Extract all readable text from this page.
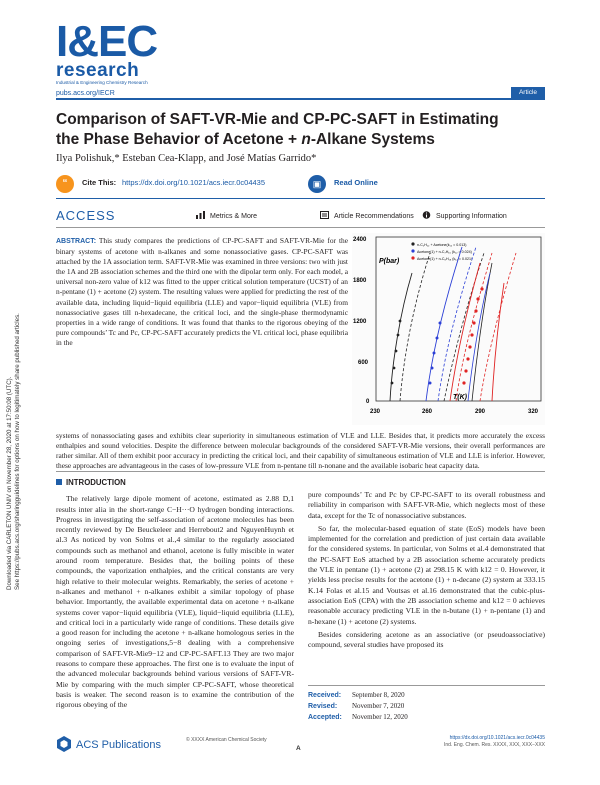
Downloaded via CARLETON UNIV on November 28, 2020 at 17:50:08 (UTC). See https://pubs.acs.org/sharingguidelines for options on how to legitimately share published articles.
I&EC
research
Industrial & Engineering Chemistry Research
pubs.acs.org/IECR	Article
Comparison of SAFT-VR-Mie and CP-PC-SAFT in Estimating the Phase Behavior of Acetone + n-Alkane Systems
Ilya Polishuk,* Esteban Cea-Klapp, and José Matías Garrido*
“	Cite This: https://dx.doi.org/10.1021/acs.iecr.0c04435	▣	Read Online
ACCESS	Metrics & More	Article Recommendations	Supporting Information
ABSTRACT: This study compares the predictions of CP-PC-SAFT and SAFT-VR-Mie for the binary systems of acetone with n-alkanes and some nonassociative gases. CP-PC-SAFT was attached by the 1A association term. SAFT-VR-Mie was examined in three versions: two with just the 1A and 2B association schemes and the third one with the dipolar term only. For each model, a universal non-zero value of k12 was fitted to the upper critical solution temperature (UCST) of an n-pentane (1) + acetone (2) system. The resulting values were applied for predicting the rest of the available data, including liquid−liquid equilibria (LLE) and vapor−liquid equilibria (VLE) from nonassociative gases till n-hexadecane, the critical loci, and the single-phase thermodynamic properties in a wide range of conditions. It was found that thanks to the rigorous obeying of the pure compounds’ Tc and Pc, CP-PC-SAFT accurately predicts the VL critical loci, phase equilibria in the
2400
1800
1200
600
0
P(bar)
230	260	290	320
T(K)
n-C₅H₁₂ + Acetone(k₁₂ = 0.013)
Acetone(1) + n-C₇H₁₆ (k₁₂ = 0.024)
Acetone(1) + n-C₈H₁₈ (k₁₂ = 0.021)
systems of nonassociating gases and exhibits clear superiority in simultaneous estimation of VLE and LLE. Besides that, it predicts more accurately the excess enthalpies and sound velocities. Despite the difference between molecular backgrounds of the considered SAFT-VR-Mie versions, their overall performances are rather similar. All of them exhibit poor accuracy in predicting the critical loci, and their capability of simultaneous estimation of VLE and LLE is inferior. However, these approaches are advantageous in the cases of low-pressure VLE from n-pentane till n-nonane and the available isobaric heat capacity data.
INTRODUCTION

The relatively large dipole moment of acetone, estimated as 2.88 D,1 results inter alia in the short-range C−H···O hydrogen bonding interactions. Progress in investigating the self-association of acetone molecules has been recently reviewed by De Beuckeleer and Herrebout2 and NguyenHuynh et al.3 As noticed by von Solms et al.,4 similar to the regularly associated compounds such as methanol and ethanol, acetone is fully miscible in water around room temperature. Besides that, the boiling points of these compounds, the vaporization enthalpies, and the critical constants are very high relative to their molecular weights. Remarkably, the series of acetone + n-alkanes and methanol + n-alkanes exhibit a similar topology of phase behavior. Importantly, the available experimental data on acetone + n-alkane systems cover vapor−liquid equilibria (VLE), liquid−liquid equilibria (LLE), and critical loci in a particularly wide range of conditions. These details give a good reason for including the acetone + n-alkane homologous series in the ongoing series of investigations,5−8 dealing with a comprehensive comparison of SAFT-VR-Mie9−12 and CP-PC-SAFT.13 They are two major reasons to compare these approaches. The first one is to evaluate the input of the advanced molecular backgrounds behind various versions of SAFT-VR-Mie by comparing with the much simpler CP-PC-SAFT, whose theoretical basis is weaker. The second reason is to examine the contribution of the rigorous obeying of the

pure compounds’ Tc and Pc by CP-PC-SAFT to its overall robustness and reliability in comparison with SAFT-VR-Mie, which neglects most of these data, except for the Tc of nonassociative substances.

So far, the molecular-based equation of state (EoS) models have been implemented for the correlation and prediction of just certain data available for the considered systems. In particular, von Solms et al.4 demonstrated that the PC-SAFT EoS attached by a 2B association scheme accurately predicts the VLE in pentane (1) + acetone (2) at 298.15 K with k12 = 0. However, it yields less precise results for the acetone (1) + n-decane (2) system at 333.15 K.14 Folas et al.15 and Voutsas et al.16 demonstrated that the cubic-plus-association EoS (CPA) with the 2B association scheme and k12 = 0 achieves reasonable accuracy predicting VLE in the n-butane (1) + n-pentane (1) and n-hexane (1) + acetone (2) systems.

Besides considering acetone as an associative (or pseudoassociative) compound, several studies have proposed its

Received: September 8, 2020
Revised: November 7, 2020
Accepted: November 12, 2020
ACS Publications	© XXXX American Chemical Society
A
https://dx.doi.org/10.1021/acs.iecr.0c04435
Ind. Eng. Chem. Res. XXXX, XXX, XXX−XXX
